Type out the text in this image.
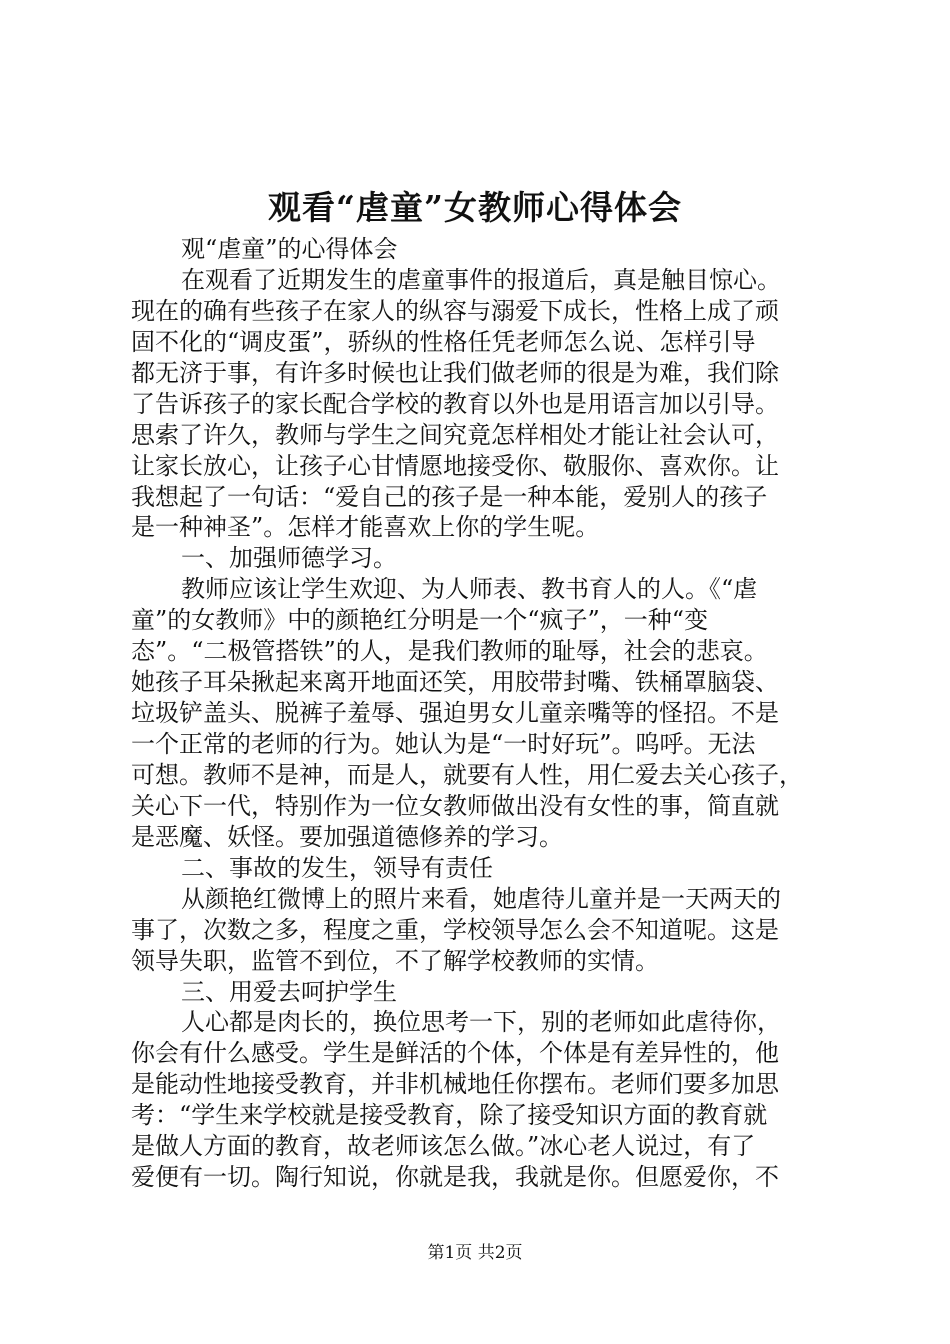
观看“虐童”女教师心得体会
观“虐童”的心得体会
在观看了近期发生的虐童事件的报道后，真是触目惊心。
现在的确有些孩子在家人的纵容与溺爱下成长，性格上成了顽
固不化的“调皮蛋”，骄纵的性格任凭老师怎么说、怎样引导
都无济于事，有许多时候也让我们做老师的很是为难，我们除
了告诉孩子的家长配合学校的教育以外也是用语言加以引导。
思索了许久，教师与学生之间究竟怎样相处才能让社会认可，
让家长放心，让孩子心甘情愿地接受你、敬服你、喜欢你。让
我想起了一句话：“爱自己的孩子是一种本能，爱别人的孩子
是一种神圣”。怎样才能喜欢上你的学生呢。
一、加强师德学习。
教师应该让学生欢迎、为人师表、教书育人的人。《“虐
童”的女教师》中的颜艳红分明是一个“疯子”，一种“变
态”。“二极管搭铁”的人，是我们教师的耻辱，社会的悲哀。
她孩子耳朵揪起来离开地面还笑，用胶带封嘴、铁桶罩脑袋、
垃圾铲盖头、脱裤子羞辱、强迫男女儿童亲嘴等的怪招。不是
一个正常的老师的行为。她认为是“一时好玩”。呜呼。无法
可想。教师不是神，而是人，就要有人性，用仁爱去关心孩子，
关心下一代，特别作为一位女教师做出没有女性的事，简直就
是恶魔、妖怪。要加强道德修养的学习。
二、事故的发生，领导有责任
从颜艳红微博上的照片来看，她虐待儿童并是一天两天的
事了，次数之多，程度之重，学校领导怎么会不知道呢。这是
领导失职，监管不到位，不了解学校教师的实情。
三、用爱去呵护学生
人心都是肉长的，换位思考一下，别的老师如此虐待你，
你会有什么感受。学生是鲜活的个体，个体是有差异性的，他
是能动性地接受教育，并非机械地任你摆布。老师们要多加思
考：“学生来学校就是接受教育，除了接受知识方面的教育就
是做人方面的教育，故老师该怎么做。”冰心老人说过，有了
爱便有一切。陶行知说，你就是我，我就是你。但愿爱你，不
第1页 共2页
